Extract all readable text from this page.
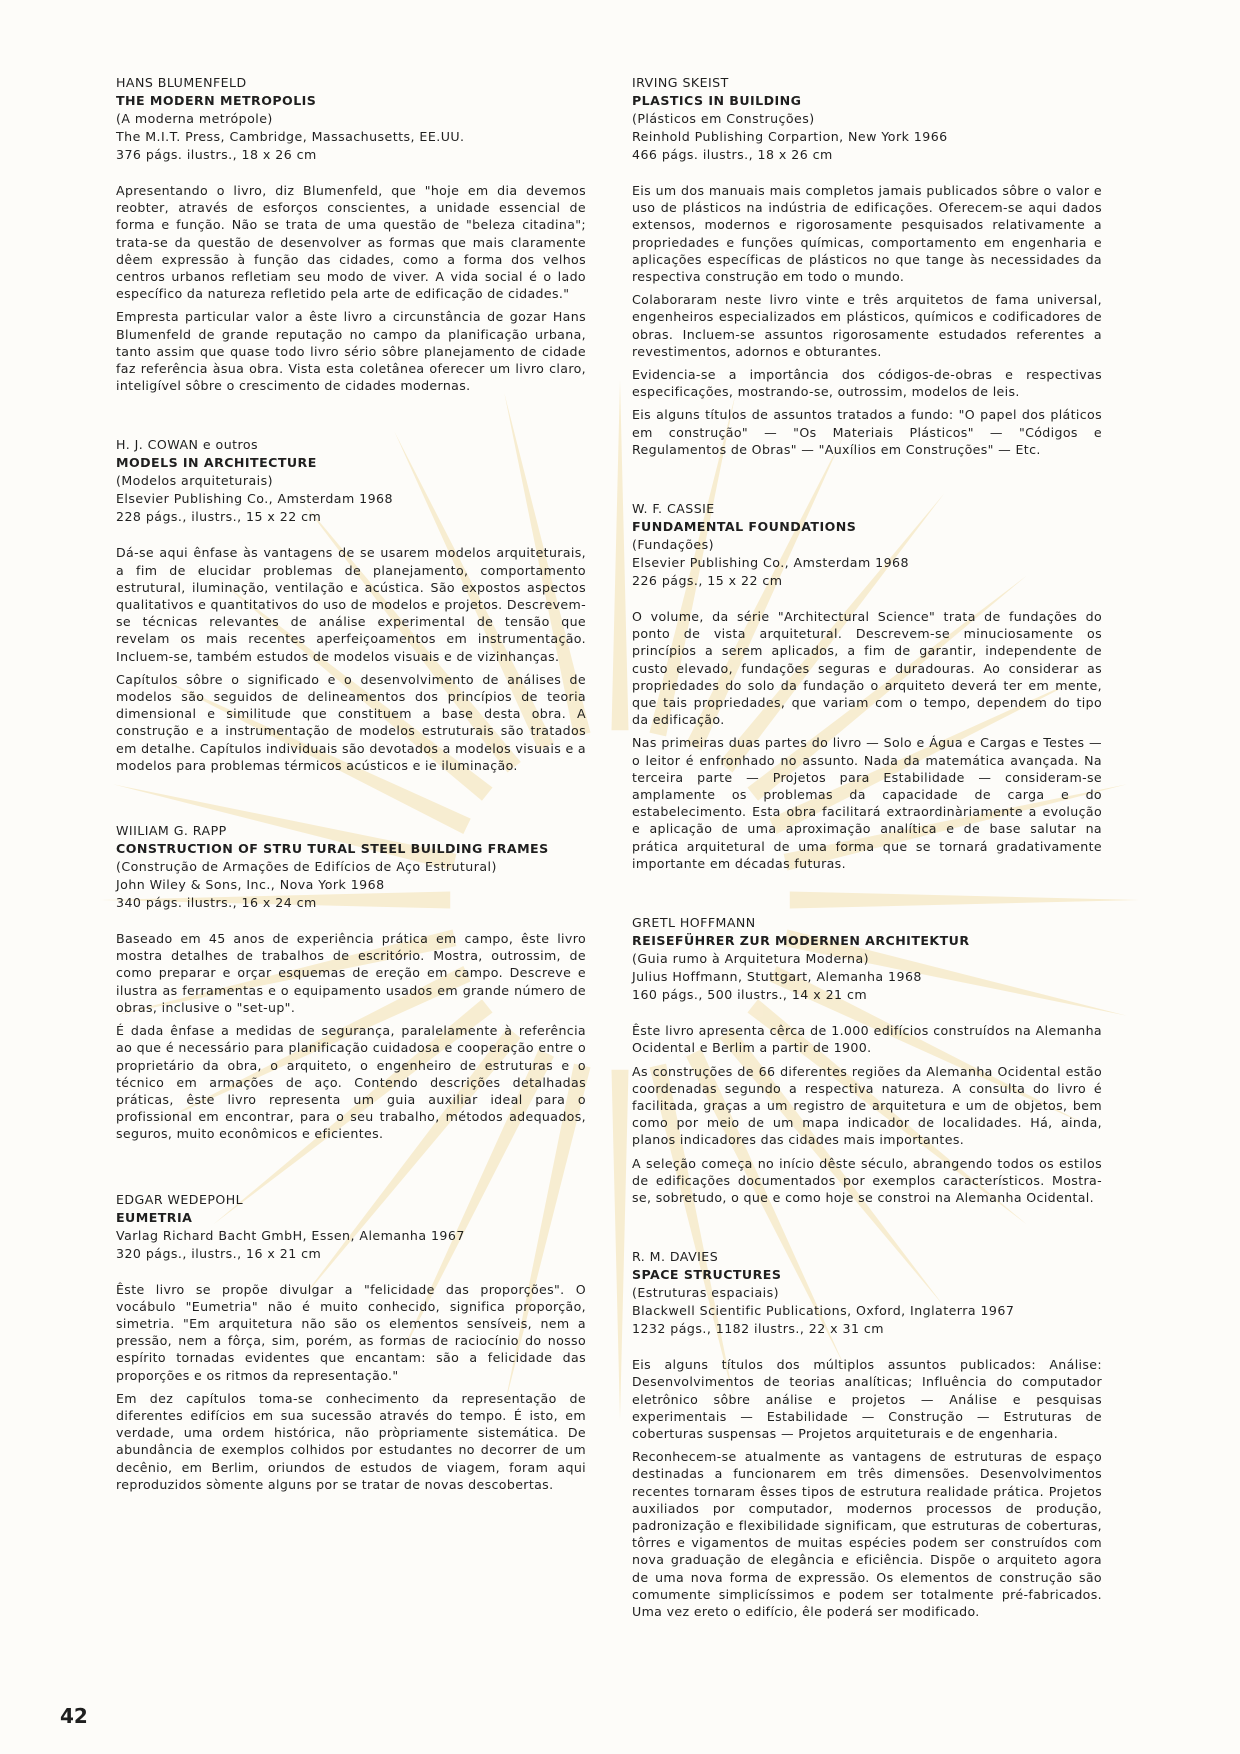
HANS BLUMENFELD

THE MODERN METROPOLIS

(A moderna metrópole)

The M.I.T. Press, Cambridge, Massachusetts, EE.UU.

376 págs. ilustrs., 18 x 26 cm

Apresentando o livro, diz Blumenfeld, que "hoje em dia devemos reobter, através de esforços conscientes, a unidade essencial de forma e função. Não se trata de uma questão de "beleza citadina"; trata-se da questão de desenvolver as formas que mais claramente dêem expressão à função das cidades, como a forma dos velhos centros urbanos refletiam seu modo de viver. A vida social é o lado específico da natureza refletido pela arte de edificação de cidades."

Empresta particular valor a êste livro a circunstância de gozar Hans Blumenfeld de grande reputação no campo da planificação urbana, tanto assim que quase todo livro sério sôbre planejamento de cidade faz referência àsua obra. Vista esta coletânea oferecer um livro claro, inteligível sôbre o crescimento de cidades modernas.

H. J. COWAN e outros

MODELS IN ARCHITECTURE

(Modelos arquiteturais)

Elsevier Publishing Co., Amsterdam 1968

228 págs., ilustrs., 15 x 22 cm

Dá-se aqui ênfase às vantagens de se usarem modelos arquiteturais, a fim de elucidar problemas de planejamento, comportamento estrutural, iluminação, ventilação e acústica. São expostos aspectos qualitativos e quantitativos do uso de modelos e projetos. Descrevem-se técnicas relevantes de análise experimental de tensão que revelam os mais recentes aperfeiçoamentos em instrumentação. Incluem-se, também estudos de modelos visuais e de vizinhanças.

Capítulos sôbre o significado e o desenvolvimento de análises de modelos são seguidos de delineamentos dos princípios de teoria dimensional e similitude que constituem a base desta obra. A construção e a instrumentação de modelos estruturais são tratados em detalhe. Capítulos individuais são devotados a modelos visuais e a modelos para problemas térmicos acústicos e ie iluminação.

WIILIAM G. RAPP

CONSTRUCTION OF STRU TURAL STEEL BUILDING FRAMES

(Construção de Armações de Edifícios de Aço Estrutural)

John Wiley & Sons, Inc., Nova York 1968

340 págs. ilustrs., 16 x 24 cm

Baseado em 45 anos de experiência prática em campo, êste livro mostra detalhes de trabalhos de escritório. Mostra, outrossim, de como preparar e orçar esquemas de ereção em campo. Descreve e ilustra as ferramentas e o equipamento usados em grande número de obras, inclusive o "set-up".

É dada ênfase a medidas de segurança, paralelamente à referência ao que é necessário para planificação cuidadosa e cooperação entre o proprietário da obra, o arquiteto, o engenheiro de estruturas e o técnico em armações de aço. Contendo descrições detalhadas práticas, êste livro representa um guia auxiliar ideal para o profissional em encontrar, para o seu trabalho, métodos adequados, seguros, muito econômicos e eficientes.

EDGAR WEDEPOHL

EUMETRIA

Varlag Richard Bacht GmbH, Essen, Alemanha 1967

320 págs., ilustrs., 16 x 21 cm

Êste livro se propõe divulgar a "felicidade das proporções". O vocábulo "Eumetria" não é muito conhecido, significa proporção, simetria. "Em arquitetura não são os elementos sensíveis, nem a pressão, nem a fôrça, sim, porém, as formas de raciocínio do nosso espírito tornadas evidentes que encantam: são a felicidade das proporções e os ritmos da representação."

Em dez capítulos toma-se conhecimento da representação de diferentes edifícios em sua sucessão através do tempo. É isto, em verdade, uma ordem histórica, não pròpriamente sistemática. De abundância de exemplos colhidos por estudantes no decorrer de um decênio, em Berlim, oriundos de estudos de viagem, foram aqui reproduzidos sòmente alguns por se tratar de novas descobertas.

IRVING SKEIST

PLASTICS IN BUILDING

(Plásticos em Construções)

Reinhold Publishing Corpartion, New York 1966

466 págs. ilustrs., 18 x 26 cm

Eis um dos manuais mais completos jamais publicados sôbre o valor e uso de plásticos na indústria de edificações. Oferecem-se aqui dados extensos, modernos e rigorosamente pesquisados relativamente a propriedades e funções químicas, comportamento em engenharia e aplicações específicas de plásticos no que tange às necessidades da respectiva construção em todo o mundo.

Colaboraram neste livro vinte e três arquitetos de fama universal, engenheiros especializados em plásticos, químicos e codificadores de obras. Incluem-se assuntos rigorosamente estudados referentes a revestimentos, adornos e obturantes.

Evidencia-se a importância dos códigos-de-obras e respectivas especificações, mostrando-se, outrossim, modelos de leis.

Eis alguns títulos de assuntos tratados a fundo: "O papel dos pláticos em construção" — "Os Materiais Plásticos" — "Códigos e Regulamentos de Obras" — "Auxílios em Construções" — Etc.

W. F. CASSIE

FUNDAMENTAL FOUNDATIONS

(Fundações)

Elsevier Publishing Co., Amsterdam 1968

226 págs., 15 x 22 cm

O volume, da série "Architectural Science" trata de fundações do ponto de vista arquitetural. Descrevem-se minuciosamente os princípios a serem aplicados, a fim de garantir, independente de custo elevado, fundações seguras e duradouras. Ao considerar as propriedades do solo da fundação o arquiteto deverá ter em mente, que tais propriedades, que variam com o tempo, dependem do tipo da edificação.

Nas primeiras duas partes do livro — Solo e Água e Cargas e Testes — o leitor é enfronhado no assunto. Nada da matemática avançada. Na terceira parte — Projetos para Estabilidade — consideram-se amplamente os problemas da capacidade de carga e do estabelecimento. Esta obra facilitará extraordinàriamente a evolução e aplicação de uma aproximação analítica e de base salutar na prática arquitetural de uma forma que se tornará gradativamente importante em décadas futuras.

GRETL HOFFMANN

REISEFÜHRER ZUR MODERNEN ARCHITEKTUR

(Guia rumo à Arquitetura Moderna)

Julius Hoffmann, Stuttgart, Alemanha 1968

160 págs., 500 ilustrs., 14 x 21 cm

Êste livro apresenta cêrca de 1.000 edifícios construídos na Alemanha Ocidental e Berlim a partir de 1900.

As construções de 66 diferentes regiões da Alemanha Ocidental estão coordenadas segundo a respectiva natureza. A consulta do livro é facilitada, graças a um registro de arquitetura e um de objetos, bem como por meio de um mapa indicador de localidades. Há, ainda, planos indicadores das cidades mais importantes.

A seleção começa no início dêste século, abrangendo todos os estilos de edificações documentados por exemplos característicos. Mostra-se, sobretudo, o que e como hoje se constroi na Alemanha Ocidental.

R. M. DAVIES

SPACE STRUCTURES

(Estruturas espaciais)

Blackwell Scientific Publications, Oxford, Inglaterra 1967

1232 págs., 1182 ilustrs., 22 x 31 cm

Eis alguns títulos dos múltiplos assuntos publicados: Análise: Desenvolvimentos de teorias analíticas; Influência do computador eletrônico sôbre análise e projetos — Análise e pesquisas experimentais — Estabilidade — Construção — Estruturas de coberturas suspensas — Projetos arquiteturais e de engenharia.

Reconhecem-se atualmente as vantagens de estruturas de espaço destinadas a funcionarem em três dimensões. Desenvolvimentos recentes tornaram êsses tipos de estrutura realidade prática. Projetos auxiliados por computador, modernos processos de produção, padronização e flexibilidade significam, que estruturas de coberturas, tôrres e vigamentos de muitas espécies podem ser construídos com nova graduação de elegância e eficiência. Dispõe o arquiteto agora de uma nova forma de expressão. Os elementos de construção são comumente simplicíssimos e podem ser totalmente pré-fabricados. Uma vez ereto o edifício, êle poderá ser modificado.

42
